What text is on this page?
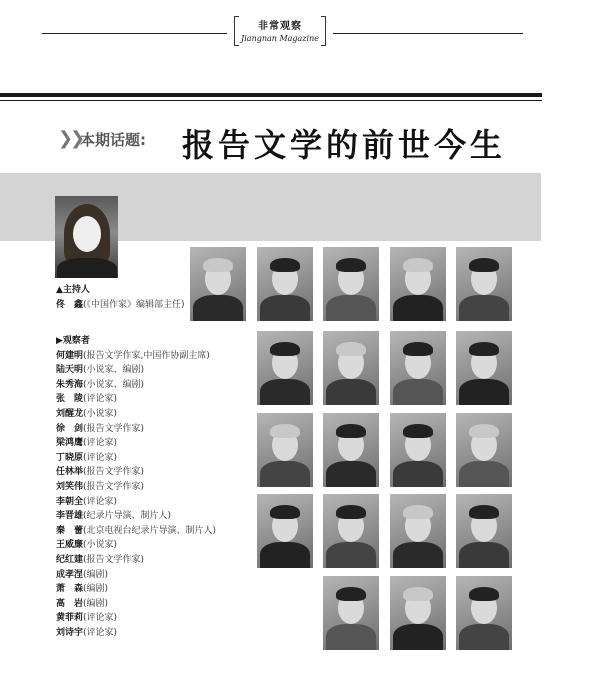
非常观察
Jiangnan Magazine
❯❯
本期话题: 报告文学的前世今生
▲主持人
佟　鑫(《中国作家》编辑部主任)
▶观察者
何建明(报告文学作家,中国作协副主席)
陆天明(小说家、编剧)
朱秀海(小说家、编剧)
张　陵(评论家)
刘醒龙(小说家)
徐　剑(报告文学作家)
梁鸿鹰(评论家)
丁晓原(评论家)
任林举(报告文学作家)
刘笑伟(报告文学作家)
李朝全(评论家)
李晋雄(纪录片导演、制片人)
秦　蕾(北京电视台纪录片导演、制片人)
王威廉(小说家)
纪红建(报告文学作家)
成孝涅(编剧)
萧　森(编剧)
高　岩(编剧)
黄菲莉(评论家)
刘诗宇(评论家)
